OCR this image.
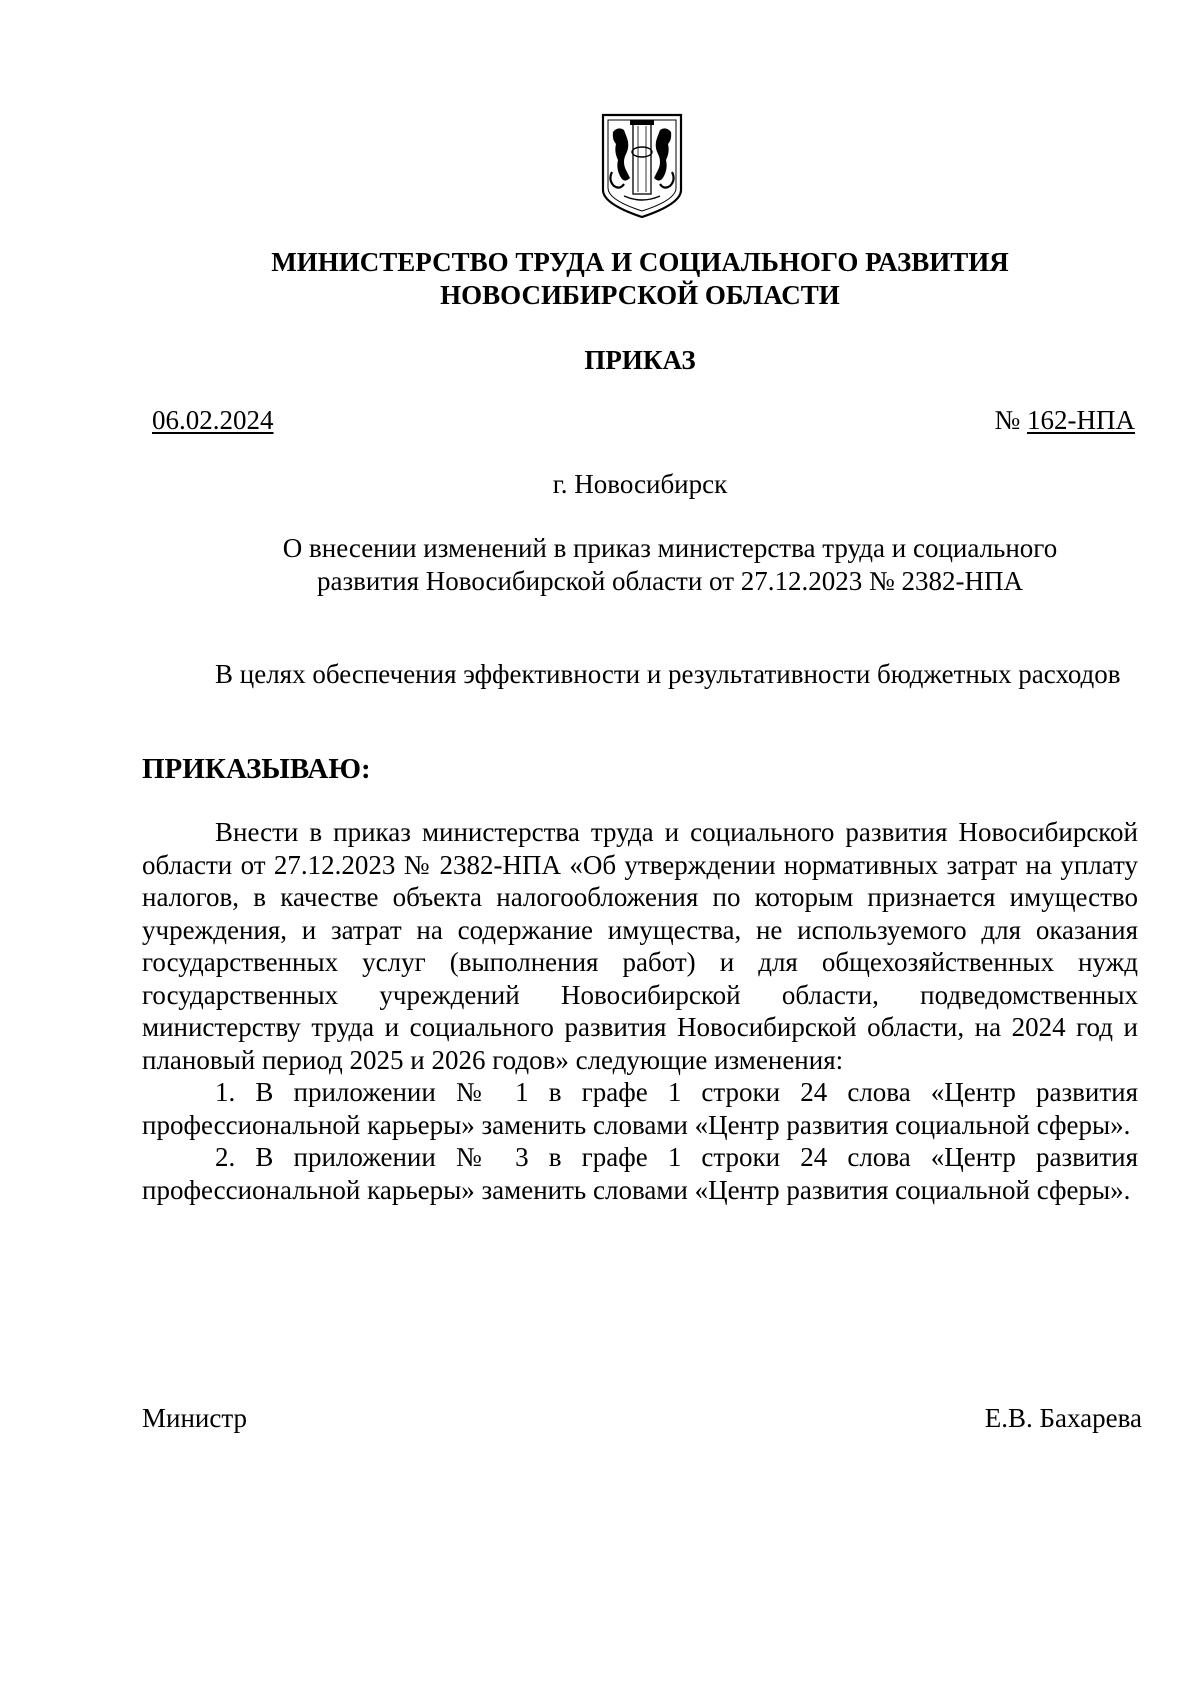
МИНИСТЕРСТВО ТРУДА И СОЦИАЛЬНОГО РАЗВИТИЯ
НОВОСИБИРСКОЙ ОБЛАСТИ
ПРИКАЗ
06.02.2024	№ 162-НПА
г. Новосибирск
О внесении изменений в приказ министерства труда и социального
развития Новосибирской области от 27.12.2023 № 2382-НПА

В целях обеспечения эффективности и результативности бюджетных расходов

ПРИКАЗЫВАЮ:

Внести в приказ министерства труда и социального развития Новосибирской области от 27.12.2023 № 2382-НПА «Об утверждении нормативных затрат на уплату налогов, в качестве объекта налогообложения по которым признается имущество учреждения, и затрат на содержание имущества, не используемого для оказания государственных услуг (выполнения работ) и для общехозяйственных нужд государственных учреждений Новосибирской области, подведомственных министерству труда и социального развития Новосибирской области, на 2024 год и плановый период 2025 и 2026 годов» следующие изменения:

1. В приложении № 1 в графе 1 строки 24 слова «Центр развития профессиональной карьеры» заменить словами «Центр развития социальной сферы».

2. В приложении № 3 в графе 1 строки 24 слова «Центр развития профессиональной карьеры» заменить словами «Центр развития социальной сферы».

Министр	Е.В. Бахарева
